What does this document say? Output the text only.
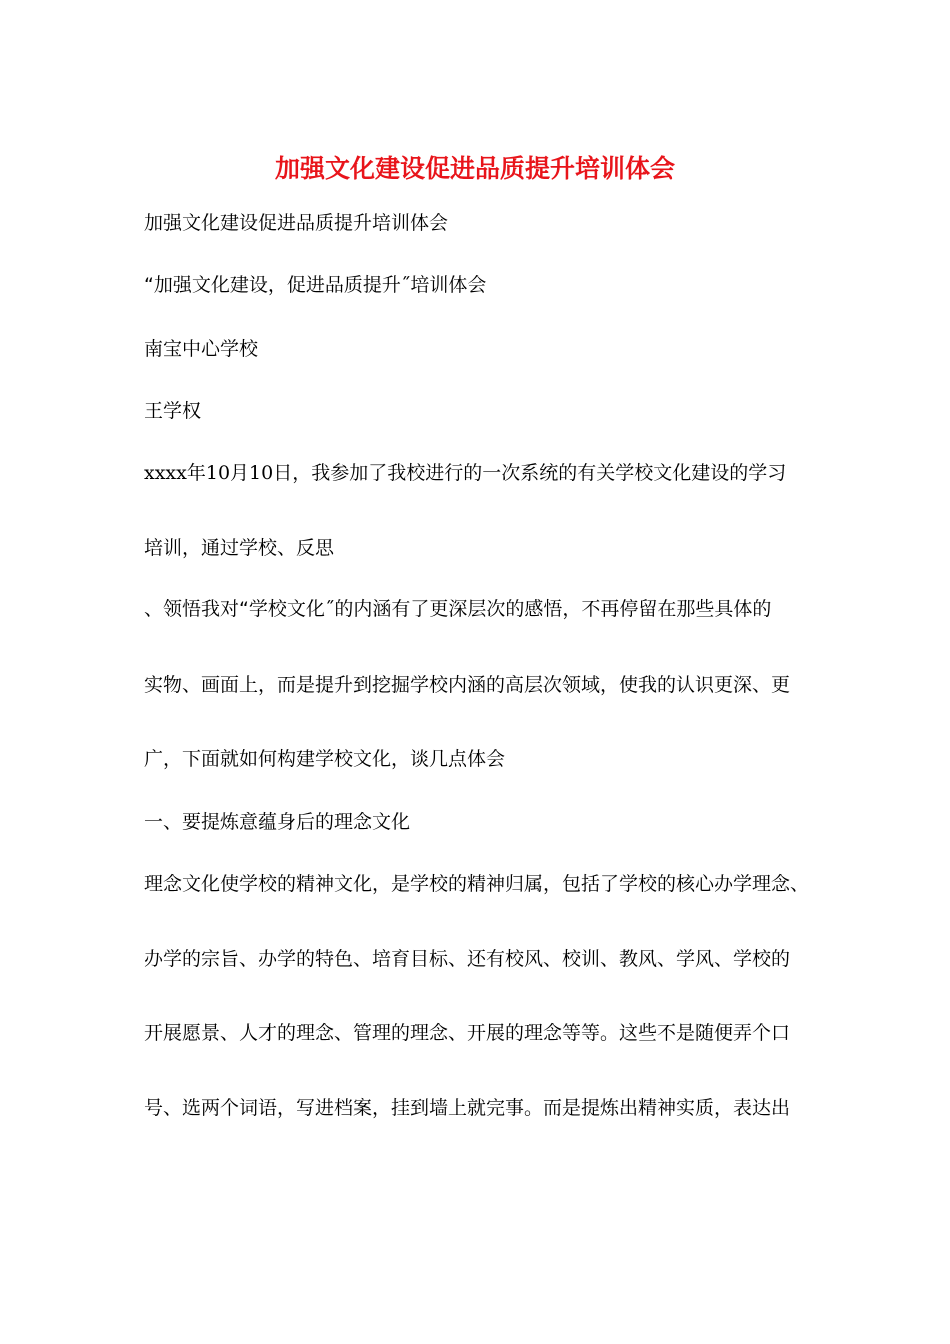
加强文化建设促进品质提升培训体会

加强文化建设促进品质提升培训体会

“加强文化建设，促进品质提升˝培训体会

南宝中心学校

王学权

xxxx年10月10日，我参加了我校进行的一次系统的有关学校文化建设的学习

培训，通过学校、反思

、领悟我对“学校文化˝的内涵有了更深层次的感悟，不再停留在那些具体的

实物、画面上，而是提升到挖掘学校内涵的高层次领域，使我的认识更深、更

广，下面就如何构建学校文化，谈几点体会

一、要提炼意蕴身后的理念文化

理念文化使学校的精神文化，是学校的精神归属，包括了学校的核心办学理念、

办学的宗旨、办学的特色、培育目标、还有校风、校训、教风、学风、学校的

开展愿景、人才的理念、管理的理念、开展的理念等等。这些不是随便弄个口

号、选两个词语，写进档案，挂到墙上就完事。而是提炼出精神实质，表达出
